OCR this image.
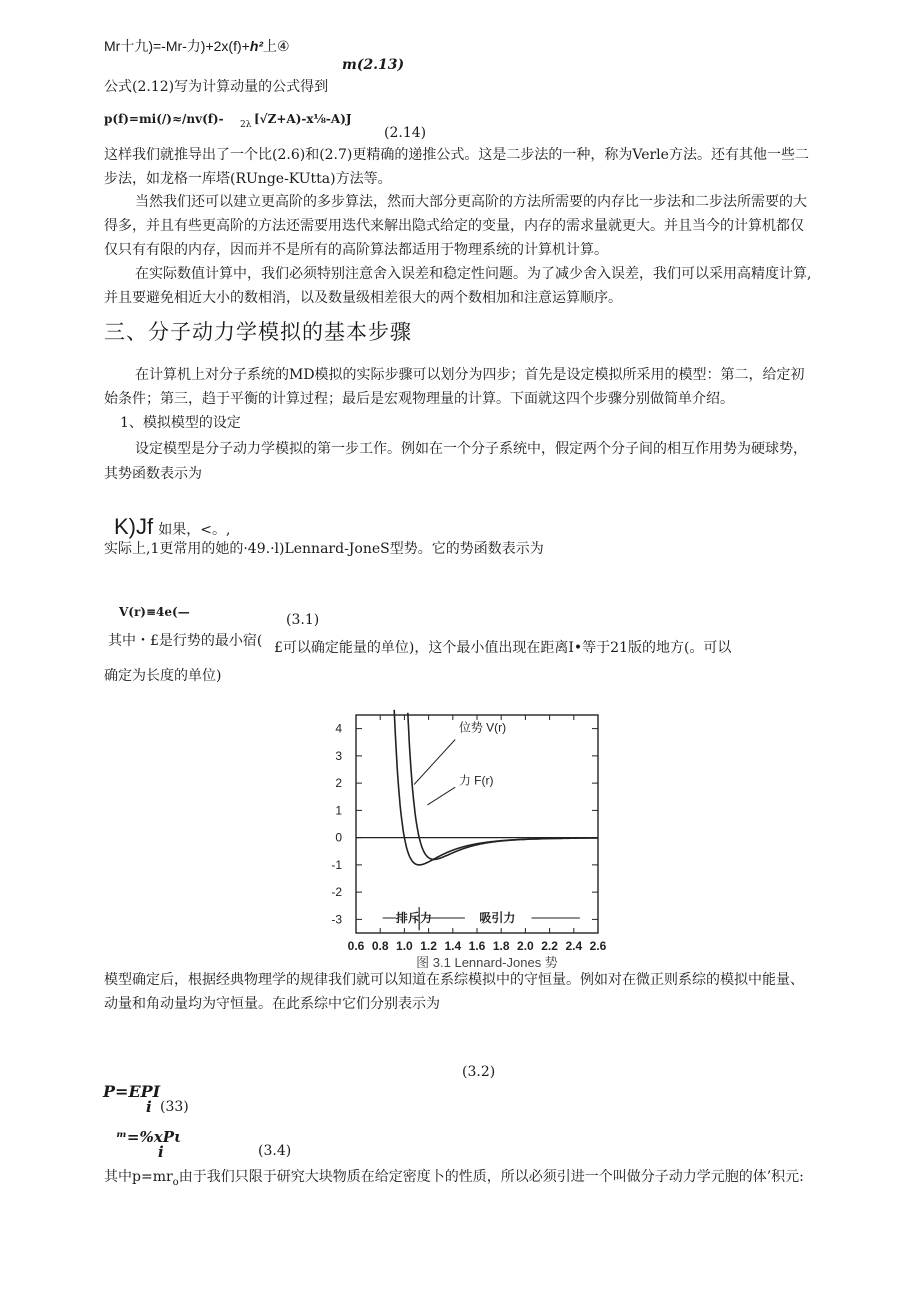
Mr十九)=-Mr-力)+2x(f)+h²上④
m(2.13)
公式(2.12)写为计算动量的公式得到
p(f)=mi(/)≈/nv(f)- 2λ [√Z+A)-x⅛-A)J
(2.14)
这样我们就推导出了一个比(2.6)和(2.7)更精确的递推公式。这是二步法的一种，称为Verle方法。还有其他一些二
步法，如龙格一库塔(RUnge-KUtta)方法等。
当然我们还可以建立更高阶的多步算法，然而大部分更高阶的方法所需要的内存比一步法和二步法所需要的大
得多，并且有些更高阶的方法还需要用迭代来解出隐式给定的变量，内存的需求量就更大。并且当今的计算机都仅
仅只有有限的内存，因而并不是所有的高阶算法都适用于物理系统的计算机计算。
在实际数值计算中，我们必须特别注意舍入误差和稳定性问题。为了减少舍入误差，我们可以采用高精度计算,
并且要避免相近大小的数相消，以及数量级相差很大的两个数相加和注意运算顺序。
三、分子动力学模拟的基本步骤
在计算机上对分子系统的MD模拟的实际步骤可以划分为四步；首先是设定模拟所采用的模型：第二，给定初
始条件；第三，趋于平衡的计算过程；最后是宏观物理量的计算。下面就这四个步骤分别做简单介绍。
1、模拟模型的设定
设定模型是分子动力学模拟的第一步工作。例如在一个分子系统中，假定两个分子间的相互作用势为硬球势，
其势函数表示为
K)Jf 如果，<。,
实际上,1更常用的她的·49.·l)Lennard-JoneS型势。它的势函数表示为
V(r)≡4e(—	(3.1)
其中・£是行势的最小宿( £可以确定能量的单位)，这个最小值出现在距离I•等于21版的地方(。可以
确定为长度的单位)
4
3
2
1
0
-1
-2
-3
0.6 0.8 1.0 1.2 1.4 1.6 1.8 2.0 2.2 2.4 2.6
位势 V(r)
力 F(r)
排斥力	吸引力
图 3.1 Lennard-Jones 势
模型确定后，根据经典物理学的规律我们就可以知道在系综模拟中的守恒量。例如对在微正则系综的模拟中能量、
动量和角动量均为守恒量。在此系综中它们分别表示为
(3.2)
P=EPI
i (33)
ᵐ=%xPι
i	(3.4)
其中$p=mr_o$由于我们只限于研究大块物质在给定密度卜的性质，所以必须引进一个叫做分子动力学元胞的体’积元:
